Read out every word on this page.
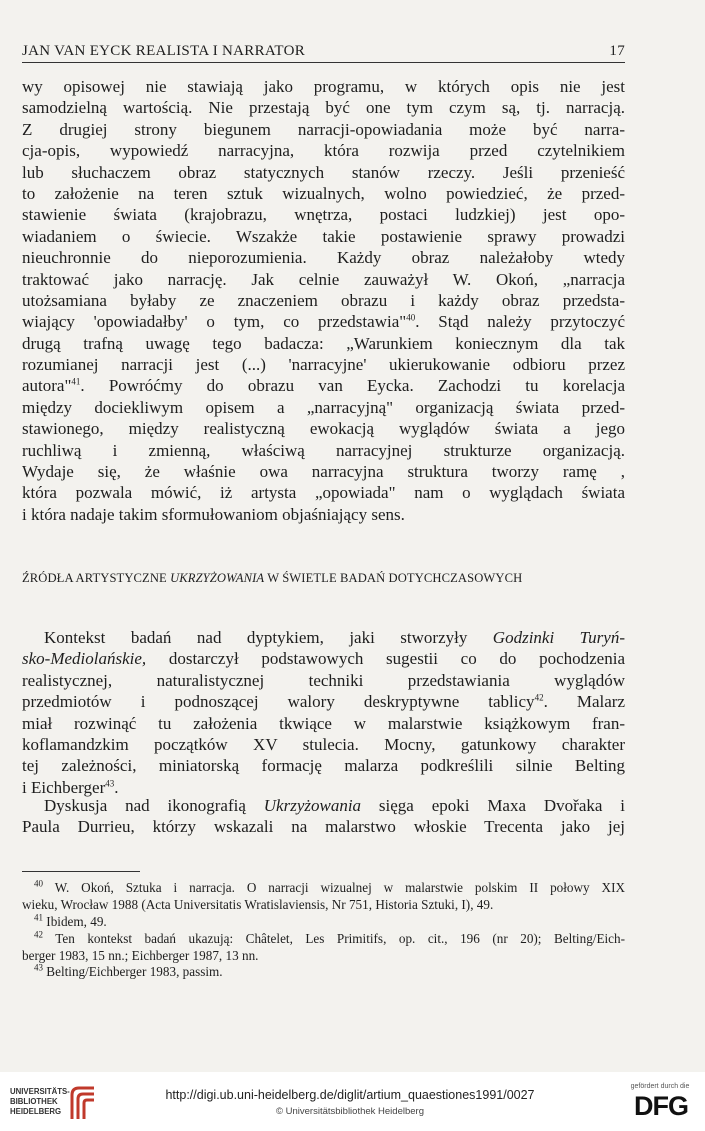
JAN VAN EYCK REALISTA I NARRATOR	17
wy opisowej nie stawiają jako programu, w których opis nie jest
samodzielną wartością. Nie przestają być one tym czym są, tj. narracją.
Z drugiej strony biegunem narracji-opowiadania może być narra-
cja-opis, wypowiedź narracyjna, która rozwija przed czytelnikiem
lub słuchaczem obraz statycznych stanów rzeczy. Jeśli przenieść
to założenie na teren sztuk wizualnych, wolno powiedzieć, że przed-
stawienie świata (krajobrazu, wnętrza, postaci ludzkiej) jest opo-
wiadaniem o świecie. Wszakże takie postawienie sprawy prowadzi
nieuchronnie do nieporozumienia. Każdy obraz należałoby wtedy
traktować jako narrację. Jak celnie zauważył W. Okoń, „narracja
utożsamiana byłaby ze znaczeniem obrazu i każdy obraz przedsta-
wiający 'opowiadałby' o tym, co przedstawia"$^{40}$. Stąd należy przytoczyć
drugą trafną uwagę tego badacza: „Warunkiem koniecznym dla tak
rozumianej narracji jest (...) 'narracyjne' ukierukowanie odbioru przez
autora"$^{41}$. Powróćmy do obrazu van Eycka. Zachodzi tu korelacja
między dociekliwym opisem a „narracyjną" organizacją świata przed-
stawionego, między realistyczną ewokacją wyglądów świata a jego
ruchliwą i zmienną, właściwą narracyjnej strukturze organizacją.
Wydaje się, że właśnie owa narracyjna struktura tworzy ramę ,
która pozwala mówić, iż artysta „opowiada" nam o wyglądach świata
i która nadaje takim sformułowaniom objaśniający sens.
ŹRÓDŁA ARTYSTYCZNE UKRZYŻOWANIA W ŚWIETLE BADAŃ DOTYCHCZASOWYCH
Kontekst badań nad dyptykiem, jaki stworzyły Godzinki Turyń-
sko-Mediolańskie, dostarczył podstawowych sugestii co do pochodzenia
realistycznej, naturalistycznej techniki przedstawiania wyglądów
przedmiotów i podnoszącej walory deskryptywne tablicy$^{42}$. Malarz
miał rozwinąć tu założenia tkwiące w malarstwie książkowym fran-
koflamandzkim początków XV stulecia. Mocny, gatunkowy charakter
tej zależności, miniatorską formację malarza podkreślili silnie Belting
i Eichberger$^{43}$.
Dyskusja nad ikonografią Ukrzyżowania sięga epoki Maxa Dvořaka i
Paula Durrieu, którzy wskazali na malarstwo włoskie Trecenta jako jej
$^{40}$ W. Okoń, Sztuka i narracja. O narracji wizualnej w malarstwie polskim II połowy XIX
wieku, Wrocław 1988 (Acta Universitatis Wratislaviensis, Nr 751, Historia Sztuki, I), 49.
$^{41}$ Ibidem, 49.
$^{42}$ Ten kontekst badań ukazują: Châtelet, Les Primitifs, op. cit., 196 (nr 20); Belting/Eich-
berger 1983, 15 nn.; Eichberger 1987, 13 nn.
$^{43}$ Belting/Eichberger 1983, passim.
UNIVERSITÄTS-
BIBLIOTHEK
HEIDELBERG
http://digi.ub.uni-heidelberg.de/diglit/artium_quaestiones1991/0027
© Universitätsbibliothek Heidelberg
gefördert durch die
DFG
